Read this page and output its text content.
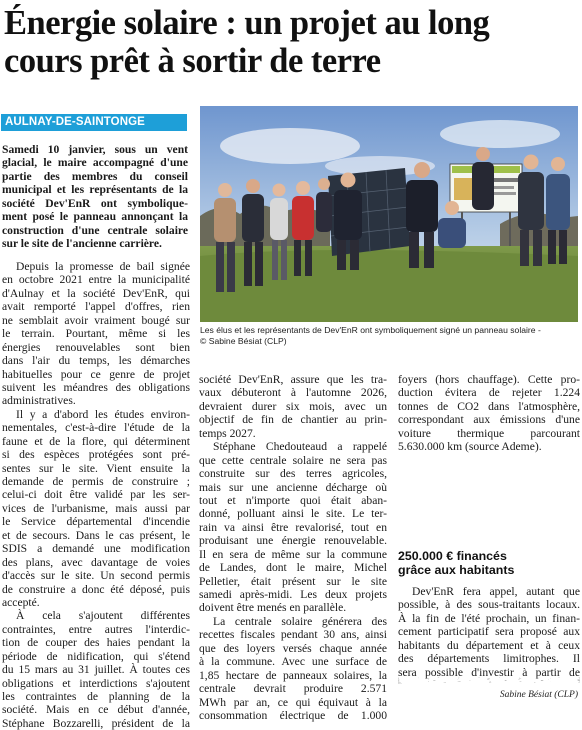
Énergie solaire : un projet au long
cours prêt à sortir de terre
AULNAY-DE-SAINTONGE
Samedi 10 janvier, sous un vent
glacial, le maire accompagné d'une
partie des membres du conseil
municipal et les représentants de la
société Dev'EnR ont symbolique-
ment posé le panneau annonçant la
construction d'une centrale solaire
sur le site de l'ancienne carrière.
Depuis la promesse de bail signée
en octobre 2021 entre la municipalité
d'Aulnay et la société Dev'EnR, qui
avait remporté l'appel d'offres, rien
ne semblait avoir vraiment bougé sur
le terrain. Pourtant, même si les
énergies renouvelables sont bien
dans l'air du temps, les démarches
habituelles pour ce genre de projet
suivent les méandres des obligations
administratives.
Il y a d'abord les études environ-
nementales, c'est-à-dire l'étude de la
faune et de la flore, qui déterminent
si des espèces protégées sont pré-
sentes sur le site. Vient ensuite la
demande de permis de construire ;
celui-ci doit être validé par les ser-
vices de l'urbanisme, mais aussi par
le Service départemental d'incendie
et de secours. Dans le cas présent, le
SDIS a demandé une modification
des plans, avec davantage de voies
d'accès sur le site. Un second permis
de construire a donc été déposé, puis
accepté.
À cela s'ajoutent différentes
contraintes, entre autres l'interdic-
tion de couper des haies pendant la
période de nidification, qui s'étend
du 15 mars au 31 juillet. À toutes ces
obligations et interdictions s'ajoutent
les contraintes de planning de la
société. Mais en ce début d'année,
Stéphane Bozzarelli, président de la
Les élus et les représentants de Dev'EnR ont symboliquement signé un panneau solaire -
© Sabine Bésiat (CLP)
société Dev'EnR, assure que les tra-
vaux débuteront à l'automne 2026,
devraient durer six mois, avec un
objectif de fin de chantier au prin-
temps 2027.
Stéphane Chedouteaud a rappelé
que cette centrale solaire ne sera pas
construite sur des terres agricoles,
mais sur une ancienne décharge où
tout et n'importe quoi était aban-
donné, polluant ainsi le site. Le ter-
rain va ainsi être revalorisé, tout en
produisant une énergie renouvelable.
Il en sera de même sur la commune
de Landes, dont le maire, Michel
Pelletier, était présent sur le site
samedi après-midi. Les deux projets
doivent être menés en parallèle.
La centrale solaire générera des
recettes fiscales pendant 30 ans, ainsi
que des loyers versés chaque année
à la commune. Avec une surface de
1,85 hectare de panneaux solaires, la
centrale devrait produire 2.571
MWh par an, ce qui équivaut à la
consommation électrique de 1.000
foyers (hors chauffage). Cette pro-
duction évitera de rejeter 1.224
tonnes de CO2 dans l'atmosphère,
correspondant aux émissions d'une
voiture thermique parcourant
5.630.000 km (source Ademe).
250.000 € financés
grâce aux habitants
Dev'EnR fera appel, autant que
possible, à des sous-traitants locaux.
À la fin de l'été prochain, un finan-
cement participatif sera proposé aux
habitants du département et à ceux
des départements limitrophes. Il
sera possible d'investir à partir de
Sabine Bésiat (CLP)
